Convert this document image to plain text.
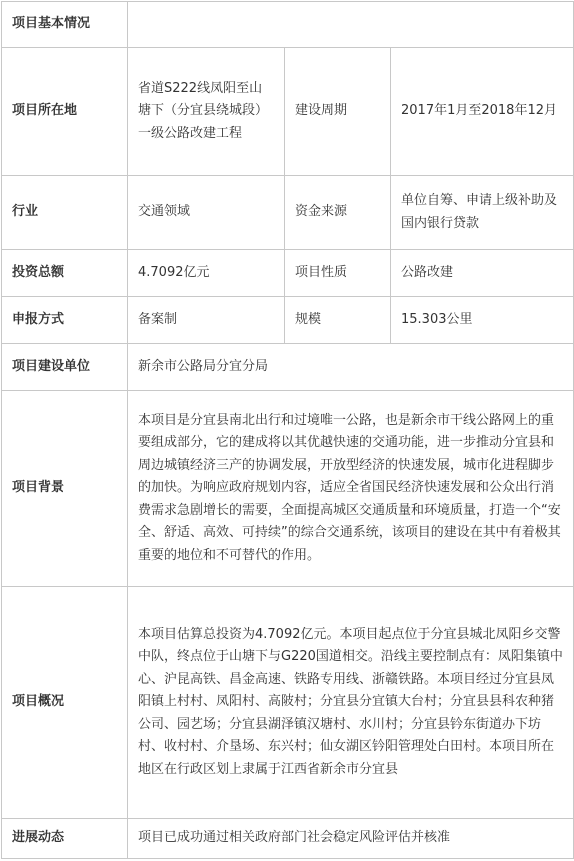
项目基本情况			
项目所在地	省道S222线凤阳至山塘下（分宜县绕城段）一级公路改建工程	建设周期	2017年1月至2018年12月
行业	交通领域	资金来源	单位自筹、申请上级补助及国内银行贷款
投资总额	4.7092亿元	项目性质	公路改建
申报方式	备案制	规模	15.303公里
项目建设单位	新余市公路局分宜分局		
项目背景	本项目是分宜县南北出行和过境唯一公路，也是新余市干线公路网上的重要组成部分，它的建成将以其优越快速的交通功能，进一步推动分宜县和周边城镇经济三产的协调发展，开放型经济的快速发展，城市化进程脚步的加快。为响应政府规划内容，适应全省国民经济快速发展和公众出行消费需求急剧增长的需要，全面提高城区交通质量和环境质量，打造一个“安全、舒适、高效、可持续”的综合交通系统，该项目的建设在其中有着极其重要的地位和不可替代的作用。		
项目概况	本项目估算总投资为4.7092亿元。本项目起点位于分宜县城北凤阳乡交警中队，终点位于山塘下与G220国道相交。沿线主要控制点有：凤阳集镇中心、沪昆高铁、昌金高速、铁路专用线、浙赣铁路。本项目经过分宜县凤阳镇上村村、凤阳村、高陂村；分宜县分宜镇大台村；分宜县县科农种猪公司、园艺场；分宜县湖泽镇汉塘村、水川村；分宜县钤东街道办下坊村、收村村、介垦场、东兴村；仙女湖区钤阳管理处白田村。本项目所在地区在行政区划上隶属于江西省新余市分宜县		
进展动态	项目已成功通过相关政府部门社会稳定风险评估并核准		
